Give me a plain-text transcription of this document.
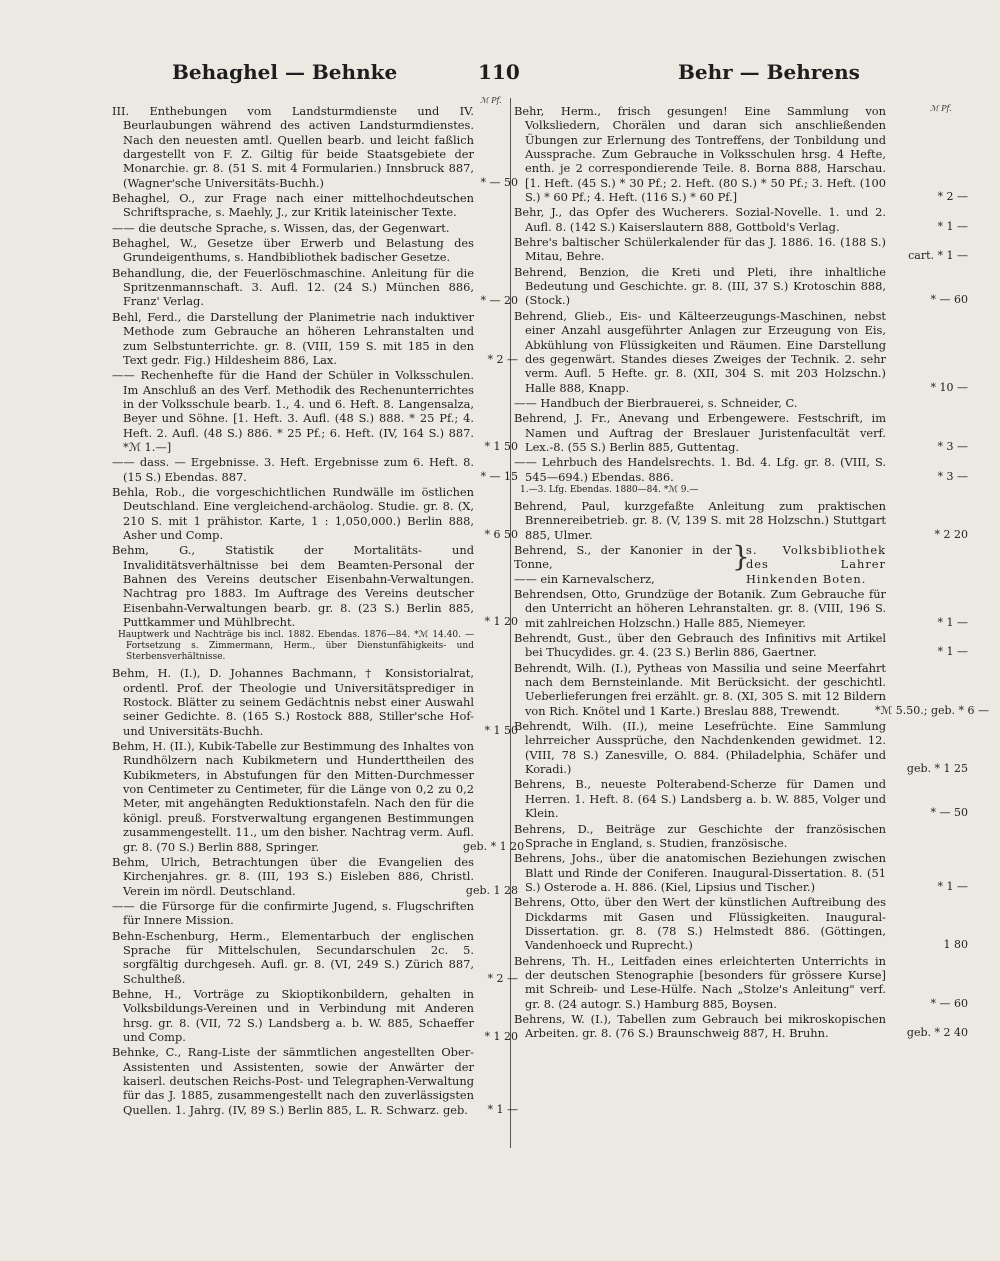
Behaghel — Behnke	110	Behr — Behrens
ℳ Pf.
ℳ Pf.
III. Enthebungen vom Landsturmdienste und IV. Beurlaubungen während des activen Landsturmdienstes. Nach den neuesten amtl. Quellen bearb. und leicht faßlich dargestellt von F. Z. Giltig für beide Staatsgebiete der Monarchie. gr. 8. (51 S. mit 4 Formularien.) Innsbruck 887, (Wagner'sche Universitäts-Buchh.)	* — 50
Behaghel, O., zur Frage nach einer mittelhochdeutschen Schriftsprache, s. Maehly, J., zur Kritik lateinischer Texte.
—— die deutsche Sprache, s. Wissen, das, der Gegenwart.
Behaghel, W., Gesetze über Erwerb und Belastung des Grundeigenthums, s. Handbibliothek badischer Gesetze.
Behandlung, die, der Feuerlöschmaschine. Anleitung für die Spritzenmannschaft. 3. Aufl. 12. (24 S.) München 886, Franz' Verlag.	* — 20
Behl, Ferd., die Darstellung der Planimetrie nach induktiver Methode zum Gebrauche an höheren Lehranstalten und zum Selbstunterrichte. gr. 8. (VIII, 159 S. mit 185 in den Text gedr. Fig.) Hildesheim 886, Lax.	* 2 —
—— Rechenhefte für die Hand der Schüler in Volksschulen. Im Anschluß an des Verf. Methodik des Rechenunterrichtes in der Volksschule bearb. 1., 4. und 6. Heft. 8. Langensalza, Beyer und Söhne. [1. Heft. 3. Aufl. (48 S.) 888. * 25 Pf.; 4. Heft. 2. Aufl. (48 S.) 886. * 25 Pf.; 6. Heft. (IV, 164 S.) 887. *ℳ 1.—]	* 1 50
—— dass. — Ergebnisse. 3. Heft. Ergebnisse zum 6. Heft. 8. (15 S.) Ebendas. 887.	* — 15
Behla, Rob., die vorgeschichtlichen Rundwälle im östlichen Deutschland. Eine vergleichend-archäolog. Studie. gr. 8. (X, 210 S. mit 1 prähistor. Karte, 1 : 1,050,000.) Berlin 888, Asher und Comp.	* 6 50
Behm, G., Statistik der Mortalitäts- und Invaliditätsverhältnisse bei dem Beamten-Personal der Bahnen des Vereins deutscher Eisenbahn-Verwaltungen. Nachtrag pro 1883. Im Auftrage des Vereins deutscher Eisenbahn-Verwaltungen bearb. gr. 8. (23 S.) Berlin 885, Puttkammer und Mühlbrecht.	* 1 20
Hauptwerk und Nachträge bis incl. 1882. Ebendas. 1876—84. *ℳ 14.40. — Fortsetzung s. Zimmermann, Herm., über Dienstunfähigkeits- und Sterbensverhältnisse.
Behm, H. (I.), D. Johannes Bachmann, † Konsistorialrat, ordentl. Prof. der Theologie und Universitätsprediger in Rostock. Blätter zu seinem Gedächtnis nebst einer Auswahl seiner Gedichte. 8. (165 S.) Rostock 888, Stiller'sche Hof- und Universitäts-Buchh.	* 1 50
Behm, H. (II.), Kubik-Tabelle zur Bestimmung des Inhaltes von Rundhölzern nach Kubikmetern und Hunderttheilen des Kubikmeters, in Abstufungen für den Mitten-Durchmesser von Centimeter zu Centimeter, für die Länge von 0,2 zu 0,2 Meter, mit angehängten Reduktionstafeln. Nach den für die königl. preuß. Forstverwaltung ergangenen Bestimmungen zusammengestellt. 11., um den bisher. Nachtrag verm. Aufl. gr. 8. (70 S.) Berlin 888, Springer.	geb. * 1 20
Behm, Ulrich, Betrachtungen über die Evangelien des Kirchenjahres. gr. 8. (III, 193 S.) Eisleben 886, Christl. Verein im nördl. Deutschland.	geb. 1 28
—— die Fürsorge für die confirmirte Jugend, s. Flugschriften für Innere Mission.
Behn-Eschenburg, Herm., Elementarbuch der englischen Sprache für Mittelschulen, Secundarschulen 2c. 5. sorgfältig durchgeseh. Aufl. gr. 8. (VI, 249 S.) Zürich 887, Schultheß.	* 2 —
Behne, H., Vorträge zu Skioptikonbildern, gehalten in Volksbildungs-Vereinen und in Verbindung mit Anderen hrsg. gr. 8. (VII, 72 S.) Landsberg a. b. W. 885, Schaeffer und Comp.	* 1 20
Behnke, C., Rang-Liste der sämmtlichen angestellten Ober-Assistenten und Assistenten, sowie der Anwärter der kaiserl. deutschen Reichs-Post- und Telegraphen-Verwaltung für das J. 1885, zusammengestellt nach den zuverlässigsten Quellen. 1. Jahrg. (IV, 89 S.) Berlin 885, L. R. Schwarz. geb.	* 1 —
Behr, Herm., frisch gesungen! Eine Sammlung von Volksliedern, Chorälen und daran sich anschließenden Übungen zur Erlernung des Tontreffens, der Tonbildung und Aussprache. Zum Gebrauche in Volksschulen hrsg. 4 Hefte, enth. je 2 correspondierende Teile. 8. Borna 888, Harschau. [1. Heft. (45 S.) * 30 Pf.; 2. Heft. (80 S.) * 50 Pf.; 3. Heft. (100 S.) * 60 Pf.; 4. Heft. (116 S.) * 60 Pf.]	* 2 —
Behr, J., das Opfer des Wucherers. Sozial-Novelle. 1. und 2. Aufl. 8. (142 S.) Kaiserslautern 888, Gottbold's Verlag.	* 1 —
Behre's baltischer Schülerkalender für das J. 1886. 16. (188 S.) Mitau, Behre.	cart. * 1 —
Behrend, Benzion, die Kreti und Pleti, ihre inhaltliche Bedeutung und Geschichte. gr. 8. (III, 37 S.) Krotoschin 888, (Stock.)	* — 60
Behrend, Glieb., Eis- und Kälteerzeugungs-Maschinen, nebst einer Anzahl ausgeführter Anlagen zur Erzeugung von Eis, Abkühlung von Flüssigkeiten und Räumen. Eine Darstellung des gegenwärt. Standes dieses Zweiges der Technik. 2. sehr verm. Aufl. 5 Hefte. gr. 8. (XII, 304 S. mit 203 Holzschn.) Halle 888, Knapp.	* 10 —
—— Handbuch der Bierbrauerei, s. Schneider, C.
Behrend, J. Fr., Anevang und Erbengewere. Festschrift, im Namen und Auftrag der Breslauer Juristenfacultät verf. Lex.-8. (55 S.) Berlin 885, Guttentag.	* 3 —
—— Lehrbuch des Handelsrechts. 1. Bd. 4. Lfg. gr. 8. (VIII, S. 545—694.) Ebendas. 886.	* 3 —
1.—3. Lfg. Ebendas. 1880—84. *ℳ 9.—
Behrend, Paul, kurzgefaßte Anleitung zum praktischen Brennereibetrieb. gr. 8. (V, 139 S. mit 28 Holzschn.) Stuttgart 885, Ulmer.	* 2 20
Behrend, S., der Kanonier in der Tonne,
—— ein Karnevalscherz,
}
s. Volksbibliothek des Lahrer Hinkenden Boten.
Behrendsen, Otto, Grundzüge der Botanik. Zum Gebrauche für den Unterricht an höheren Lehranstalten. gr. 8. (VIII, 196 S. mit zahlreichen Holzschn.) Halle 885, Niemeyer.	* 1 —
Behrendt, Gust., über den Gebrauch des Infinitivs mit Artikel bei Thucydides. gr. 4. (23 S.) Berlin 886, Gaertner.	* 1 —
Behrendt, Wilh. (I.), Pytheas von Massilia und seine Meerfahrt nach dem Bernsteinlande. Mit Berücksicht. der geschichtl. Ueberlieferungen frei erzählt. gr. 8. (XI, 305 S. mit 12 Bildern von Rich. Knötel und 1 Karte.) Breslau 888, Trewendt.	*ℳ 5.50.; geb. * 6 —
Behrendt, Wilh. (II.), meine Lesefrüchte. Eine Sammlung lehrreicher Aussprüche, den Nachdenkenden gewidmet. 12. (VIII, 78 S.) Zanesville, O. 884. (Philadelphia, Schäfer und Koradi.)	geb. * 1 25
Behrens, B., neueste Polterabend-Scherze für Damen und Herren. 1. Heft. 8. (64 S.) Landsberg a. b. W. 885, Volger und Klein.	* — 50
Behrens, D., Beiträge zur Geschichte der französischen Sprache in England, s. Studien, französische.
Behrens, Johs., über die anatomischen Beziehungen zwischen Blatt und Rinde der Coniferen. Inaugural-Dissertation. 8. (51 S.) Osterode a. H. 886. (Kiel, Lipsius und Tischer.)	* 1 —
Behrens, Otto, über den Wert der künstlichen Auftreibung des Dickdarms mit Gasen und Flüssigkeiten. Inaugural-Dissertation. gr. 8. (78 S.) Helmstedt 886. (Göttingen, Vandenhoeck und Ruprecht.)	1 80
Behrens, Th. H., Leitfaden eines erleichterten Unterrichts in der deutschen Stenographie [besonders für grössere Kurse] mit Schreib- und Lese-Hülfe. Nach „Stolze's Anleitung" verf. gr. 8. (24 autogr. S.) Hamburg 885, Boysen.	* — 60
Behrens, W. (I.), Tabellen zum Gebrauch bei mikroskopischen Arbeiten. gr. 8. (76 S.) Braunschweig 887, H. Bruhn.	geb. * 2 40
